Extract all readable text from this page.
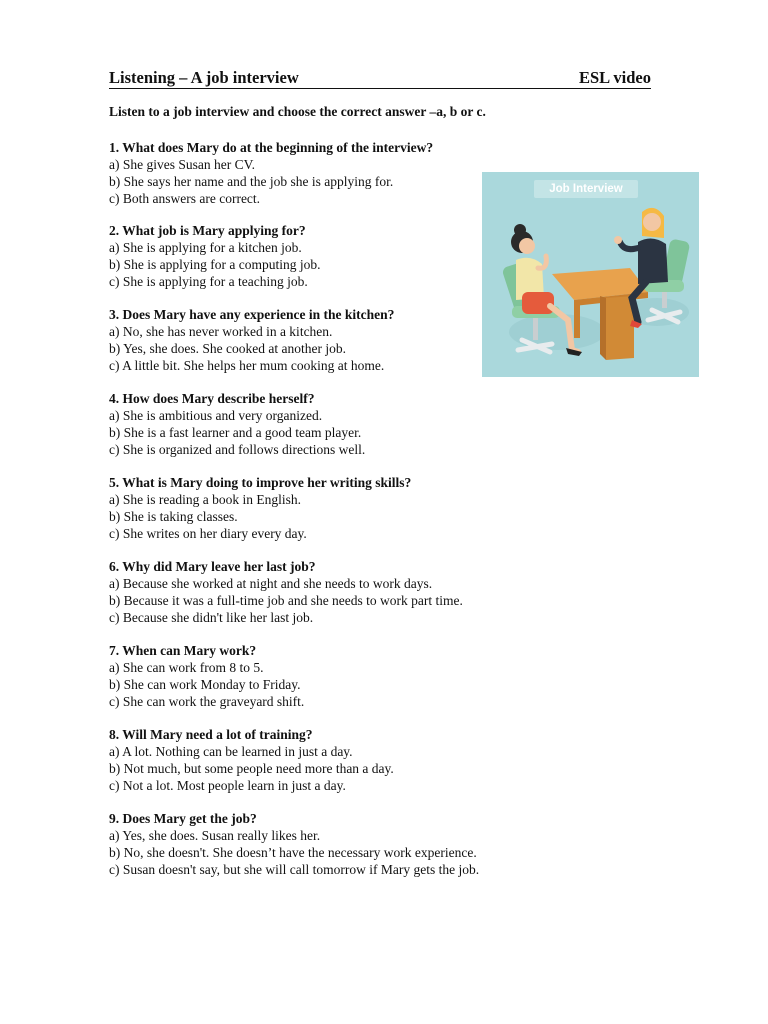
Listening – A job interview	ESL video
Listen to a job interview and choose the correct answer –a, b or c.
1. What does Mary do at the beginning of the interview?
a) She gives Susan her CV.
b) She says her name and the job she is applying for.
c) Both answers are correct.
2. What job is Mary applying for?
a) She is applying for a kitchen job.
b) She is applying for a computing job.
c) She is applying for a teaching job.
3. Does Mary have any experience in the kitchen?
a) No, she has never worked in a kitchen.
b) Yes, she does. She cooked at another job.
c) A little bit. She helps her mum cooking at home.
4. How does Mary describe herself?
a) She is ambitious and very organized.
b) She is a fast learner and a good team player.
c) She is organized and follows directions well.
5. What is Mary doing to improve her writing skills?
a) She is reading a book in English.
b) She is taking classes.
c) She writes on her diary every day.
6. Why did Mary leave her last job?
a) Because she worked at night and she needs to work days.
b) Because it was a full-time job and she needs to work part time.
c) Because she didn't like her last job.
7. When can Mary work?
a) She can work from 8 to 5.
b) She can work Monday to Friday.
c) She can work the graveyard shift.
8. Will Mary need a lot of training?
a) A lot. Nothing can be learned in just a day.
b) Not much, but some people need more than a day.
c) Not a lot. Most people learn in just a day.
9. Does Mary get the job?
a) Yes, she does. Susan really likes her.
b) No, she doesn't. She doesn’t have the necessary work experience.
c) Susan doesn't say, but she will call tomorrow if Mary gets the job.
Job Interview
